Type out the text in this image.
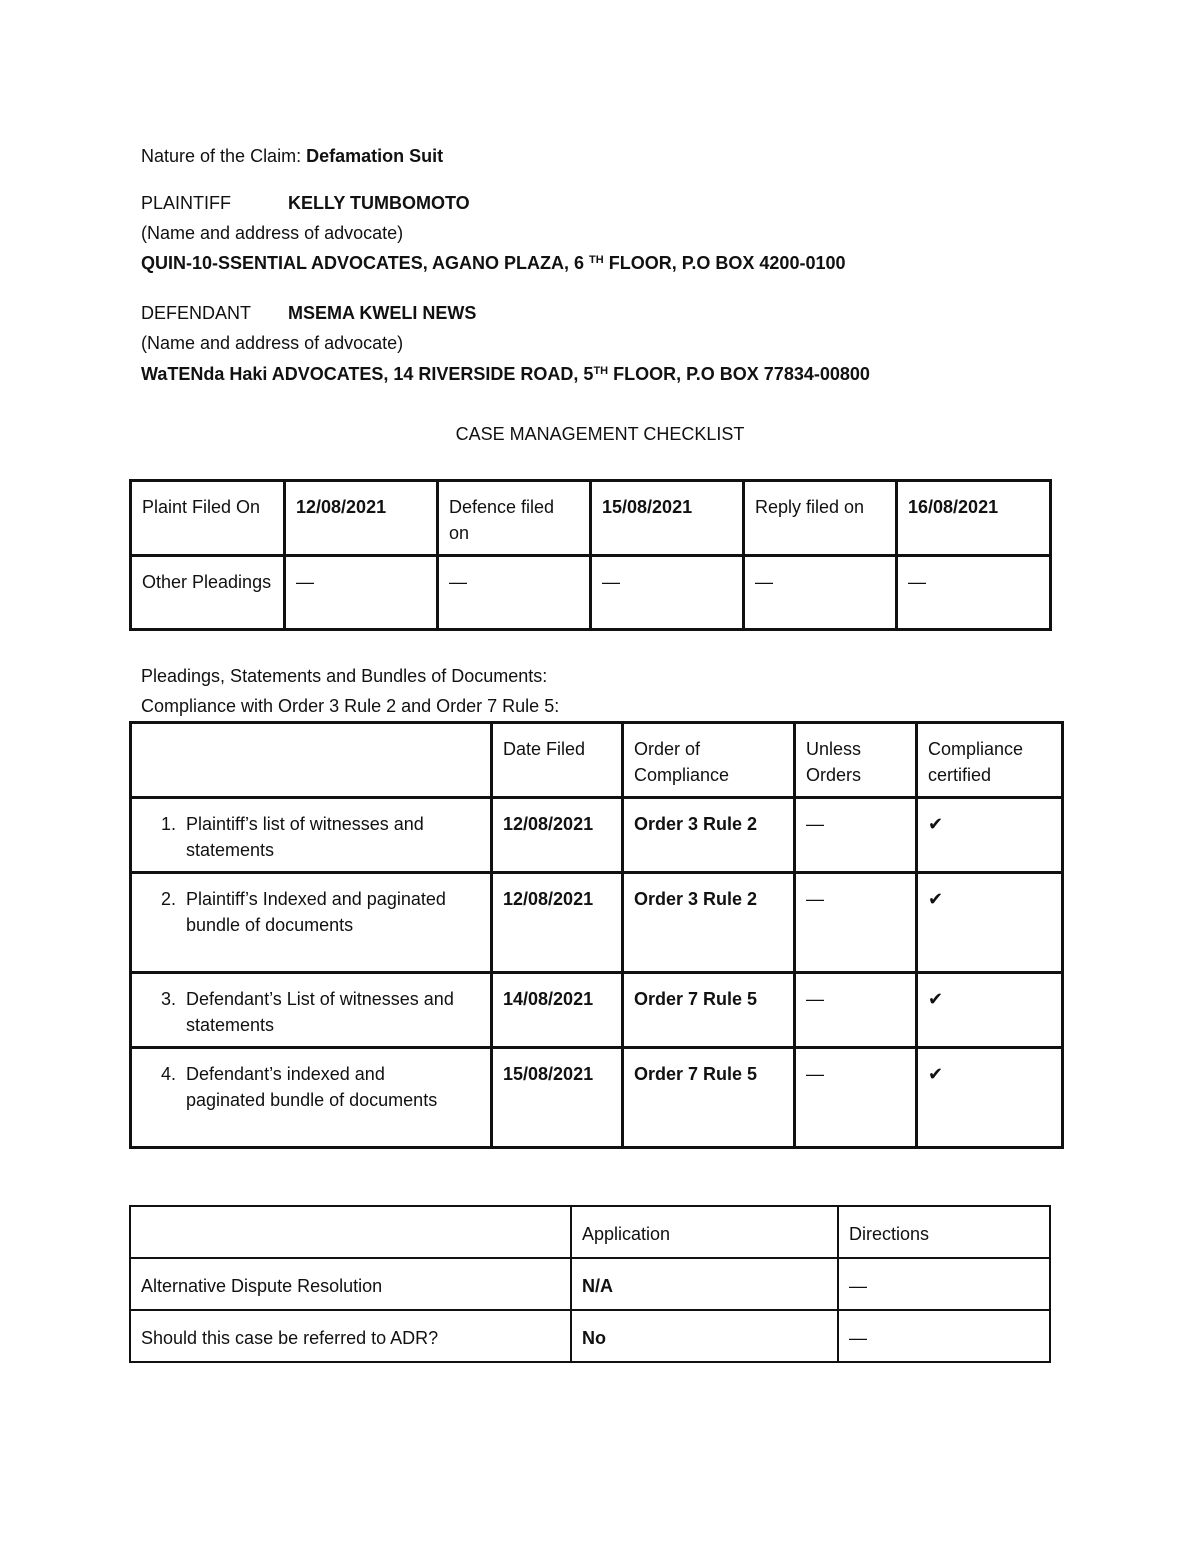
Nature of the Claim: Defamation Suit
PLAINTIFF	KELLY TUMBOMOTO
(Name and address of advocate)
QUIN-10-SSENTIAL ADVOCATES, AGANO PLAZA, 6 $^{TH}$ FLOOR, P.O BOX 4200-0100
DEFENDANT MSEMA KWELI NEWS
(Name and address of advocate)
WaTENda Haki ADVOCATES, 14 RIVERSIDE ROAD, 5TH FLOOR, P.O BOX 77834-00800
CASE MANAGEMENT CHECKLIST
Plaint Filed On	12/08/2021	Defence filed on	15/08/2021	Reply filed on	16/08/2021
Other Pleadings	—	—	—	—	—
Pleadings, Statements and Bundles of Documents:
Compliance with Order 3 Rule 2 and Order 7 Rule 5:
	Date Filed	Order of Compliance	Unless Orders	Compliance certified
1. Plaintiff’s list of witnesses and statements	12/08/2021	Order 3 Rule 2	—	✔
2. Plaintiff’s Indexed and paginated bundle of documents	12/08/2021	Order 3 Rule 2	—	✔
3. Defendant’s List of witnesses and statements	14/08/2021	Order 7 Rule 5	—	✔
4. Defendant’s indexed and paginated bundle of documents	15/08/2021	Order 7 Rule 5	—	✔
	Application	Directions
Alternative Dispute Resolution	N/A	—
Should this case be referred to ADR?	No	—
